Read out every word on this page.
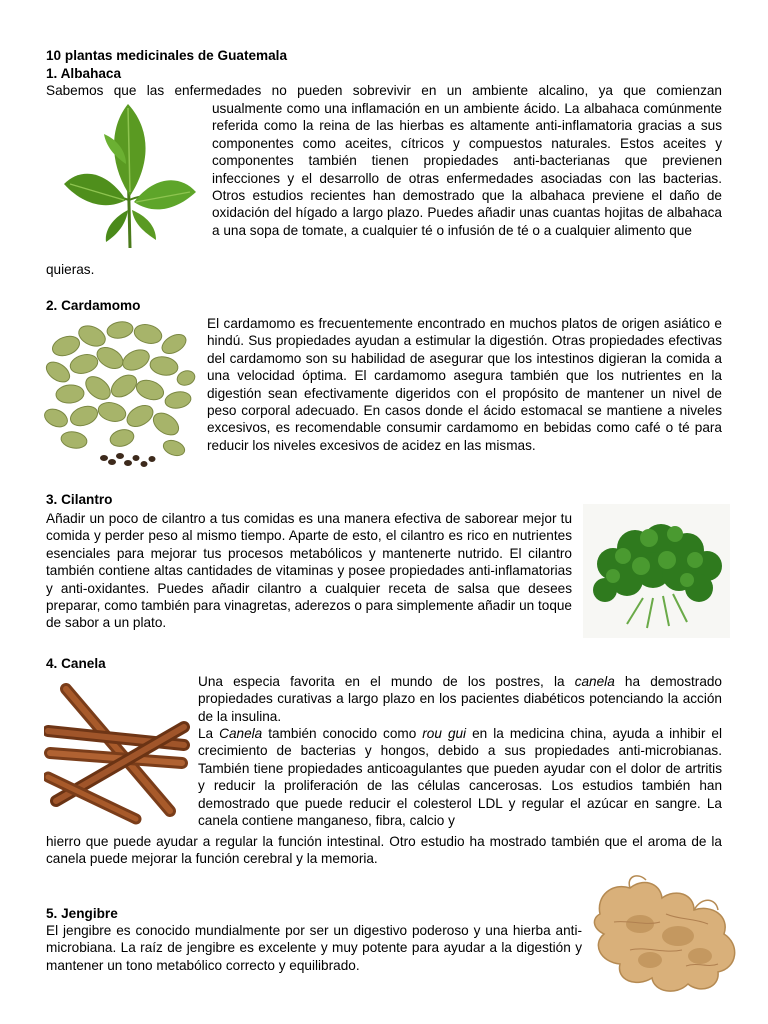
10 plantas medicinales de Guatemala

1. Albahaca

Sabemos que las enfermedades no pueden sobrevivir en un ambiente alcalino, ya que comienzan

usualmente como una inflamación en un ambiente ácido. La albahaca comúnmente referida como la reina de las hierbas es altamente anti-inflamatoria gracias a sus componentes como aceites, cítricos y compuestos naturales. Estos aceites y componentes también tienen propiedades anti-bacterianas que previenen infecciones y el desarrollo de otras enfermedades asociadas con las bacterias. Otros estudios recientes han demostrado que la albahaca previene el daño de oxidación del hígado a largo plazo. Puedes añadir unas cuantas hojitas de albahaca a una sopa de tomate, a cualquier té o infusión de té o a cualquier alimento que

quieras.

2. Cardamomo

El cardamomo es frecuentemente encontrado en muchos platos de origen asiático e hindú. Sus propiedades ayudan a estimular la digestión. Otras propiedades efectivas del cardamomo son su habilidad de asegurar que los intestinos digieran la comida a una velocidad óptima. El cardamomo asegura también que los nutrientes en la digestión sean efectivamente digeridos con el propósito de mantener un nivel de peso corporal adecuado. En casos donde el ácido estomacal se mantiene a niveles excesivos, es recomendable consumir cardamomo en bebidas como café o té para reducir los niveles excesivos de acidez en las mismas.

3. Cilantro

Añadir un poco de cilantro a tus comidas es una manera efectiva de saborear mejor tu comida y perder peso al mismo tiempo. Aparte de esto, el cilantro es rico en nutrientes esenciales para mejorar tus procesos metabólicos y mantenerte nutrido. El cilantro también contiene altas cantidades de vitaminas y posee propiedades anti-inflamatorias y anti-oxidantes. Puedes añadir cilantro a cualquier receta de salsa que desees preparar, como también para vinagretas, aderezos o para simplemente añadir un toque de sabor a un plato.

4. Canela

Una especia favorita en el mundo de los postres, la canela ha demostrado propiedades curativas a largo plazo en los pacientes diabéticos potenciando la acción de la insulina.

La Canela también conocido como rou gui en la medicina china, ayuda a inhibir el crecimiento de bacterias y hongos, debido a sus propiedades anti-microbianas. También tiene propiedades anticoagulantes que pueden ayudar con el dolor de artritis y reducir la proliferación de las células cancerosas. Los estudios también han demostrado que puede reducir el colesterol LDL y regular el azúcar en sangre. La canela contiene manganeso, fibra, calcio y

hierro que puede ayudar a regular la función intestinal. Otro estudio ha mostrado también que el aroma de la canela puede mejorar la función cerebral y la memoria.

5. Jengibre

El jengibre es conocido mundialmente por ser un digestivo poderoso y una hierba anti-microbiana. La raíz de jengibre es excelente y muy potente para ayudar a la digestión y mantener un tono metabólico correcto y equilibrado.
